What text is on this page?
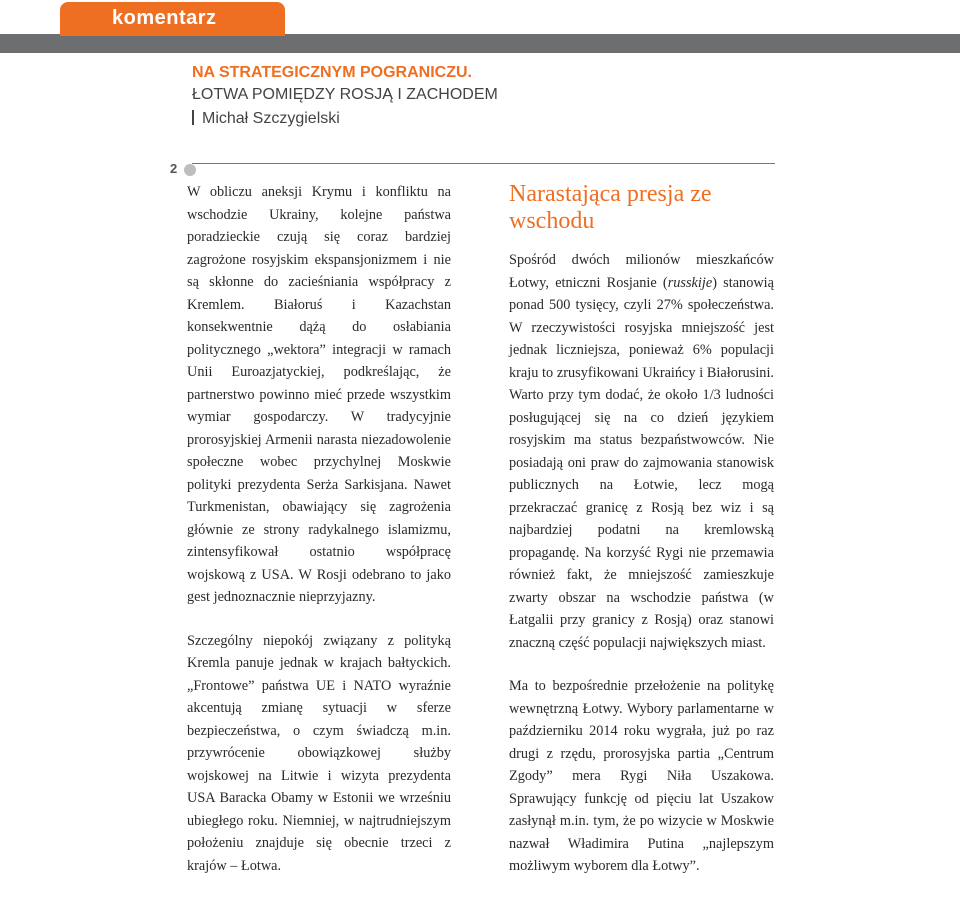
komentarz
NA STRATEGICZNYM POGRANICZU.
ŁOTWA POMIĘDZY ROSJĄ I ZACHODEM
Michał Szczygielski
2

W obliczu aneksji Krymu i konfliktu na wschodzie Ukrainy, kolejne państwa poradzieckie czują się coraz bardziej zagrożone rosyjskim ekspansjonizmem i nie są skłonne do zacieśniania współpracy z Kremlem. Białoruś i Kazachstan konsekwentnie dążą do osłabiania politycznego „wektora” integracji w ramach Unii Euroazjatyckiej, podkreślając, że partnerstwo powinno mieć przede wszystkim wymiar gospodarczy. W tradycyjnie prorosyjskiej Armenii narasta niezadowolenie społeczne wobec przychylnej Moskwie polityki prezydenta Serża Sarkisjana. Nawet Turkmenistan, obawiający się zagrożenia głównie ze strony radykalnego islamizmu, zintensyfikował ostatnio współpracę wojskową z USA. W Rosji odebrano to jako gest jednoznacznie nieprzyjazny.

Szczególny niepokój związany z polityką Kremla panuje jednak w krajach bałtyckich. „Frontowe” państwa UE i NATO wyraźnie akcentują zmianę sytuacji w sferze bezpieczeństwa, o czym świadczą m.in. przywrócenie obowiązkowej służby wojskowej na Litwie i wizyta prezydenta USA Baracka Obamy w Estonii we wrześniu ubiegłego roku. Niemniej, w najtrudniejszym położeniu znajduje się obecnie trzeci z krajów – Łotwa.

Narastająca presja ze wschodu

Spośród dwóch milionów mieszkańców Łotwy, etniczni Rosjanie (russkije) stanowią ponad 500 tysięcy, czyli 27% społeczeństwa. W rzeczywistości rosyjska mniejszość jest jednak liczniejsza, ponieważ 6% populacji kraju to zrusyfikowani Ukraińcy i Białorusini. Warto przy tym dodać, że około 1/3 ludności posługującej się na co dzień językiem rosyjskim ma status bezpaństwowców. Nie posiadają oni praw do zajmowania stanowisk publicznych na Łotwie, lecz mogą przekraczać granicę z Rosją bez wiz i są najbardziej podatni na kremlowską propagandę. Na korzyść Rygi nie przemawia również fakt, że mniejszość zamieszkuje zwarty obszar na wschodzie państwa (w Łatgalii przy granicy z Rosją) oraz stanowi znaczną część populacji największych miast.

Ma to bezpośrednie przełożenie na politykę wewnętrzną Łotwy. Wybory parlamentarne w październiku 2014 roku wygrała, już po raz drugi z rzędu, prorosyjska partia „Centrum Zgody” mera Rygi Niła Uszakowa. Sprawujący funkcję od pięciu lat Uszakow zasłynął m.in. tym, że po wizycie w Moskwie nazwał Władimira Putina „najlepszym możliwym wyborem dla Łotwy”.
